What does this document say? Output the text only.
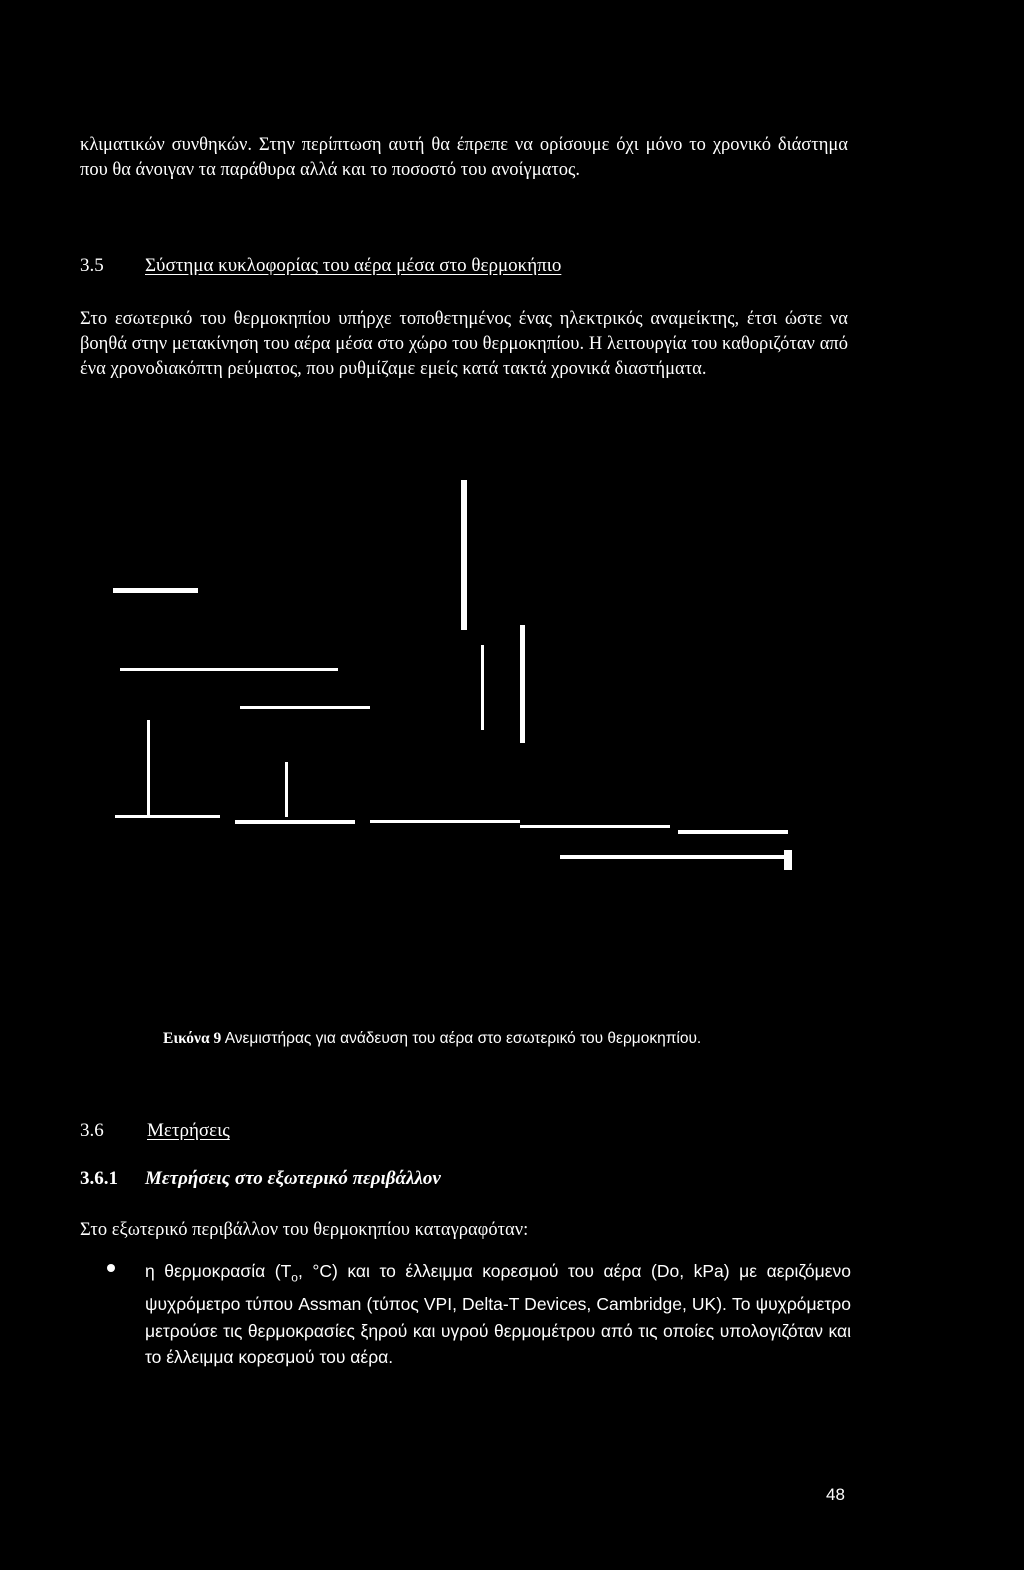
κλιματικών συνθηκών. Στην περίπτωση αυτή θα έπρεπε να ορίσουμε όχι μόνο το χρονικό διάστημα που θα άνοιγαν τα παράθυρα αλλά και το ποσοστό του ανοίγματος.

3.5 Σύστημα κυκλοφορίας του αέρα μέσα στο θερμοκήπιο

Στο εσωτερικό του θερμοκηπίου υπήρχε τοποθετημένος ένας ηλεκτρικός αναμείκτης, έτσι ώστε να βοηθά στην μετακίνηση του αέρα μέσα στο χώρο του θερμοκηπίου. Η λειτουργία του καθοριζόταν από ένα χρονοδιακόπτη ρεύματος, που ρυθμίζαμε εμείς κατά τακτά χρονικά διαστήματα.

Εικόνα 9 Ανεμιστήρας για ανάδευση του αέρα στο εσωτερικό του θερμοκηπίου.

3.6 Μετρήσεις
3.6.1 Μετρήσεις στο εξωτερικό περιβάλλον

Στο εξωτερικό περιβάλλον του θερμοκηπίου καταγραφόταν:

η θερμοκρασία ($T_o$, °C) και το έλλειμμα κορεσμού του αέρα (Do, kPa) με αεριζόμενο ψυχρόμετρο τύπου Assman (τύπος VPI, Delta-T Devices, Cambridge, UK). Το ψυχρόμετρο μετρούσε τις θερμοκρασίες ξηρού και υγρού θερμομέτρου από τις οποίες υπολογιζόταν και το έλλειμμα κορεσμού του αέρα.

48
